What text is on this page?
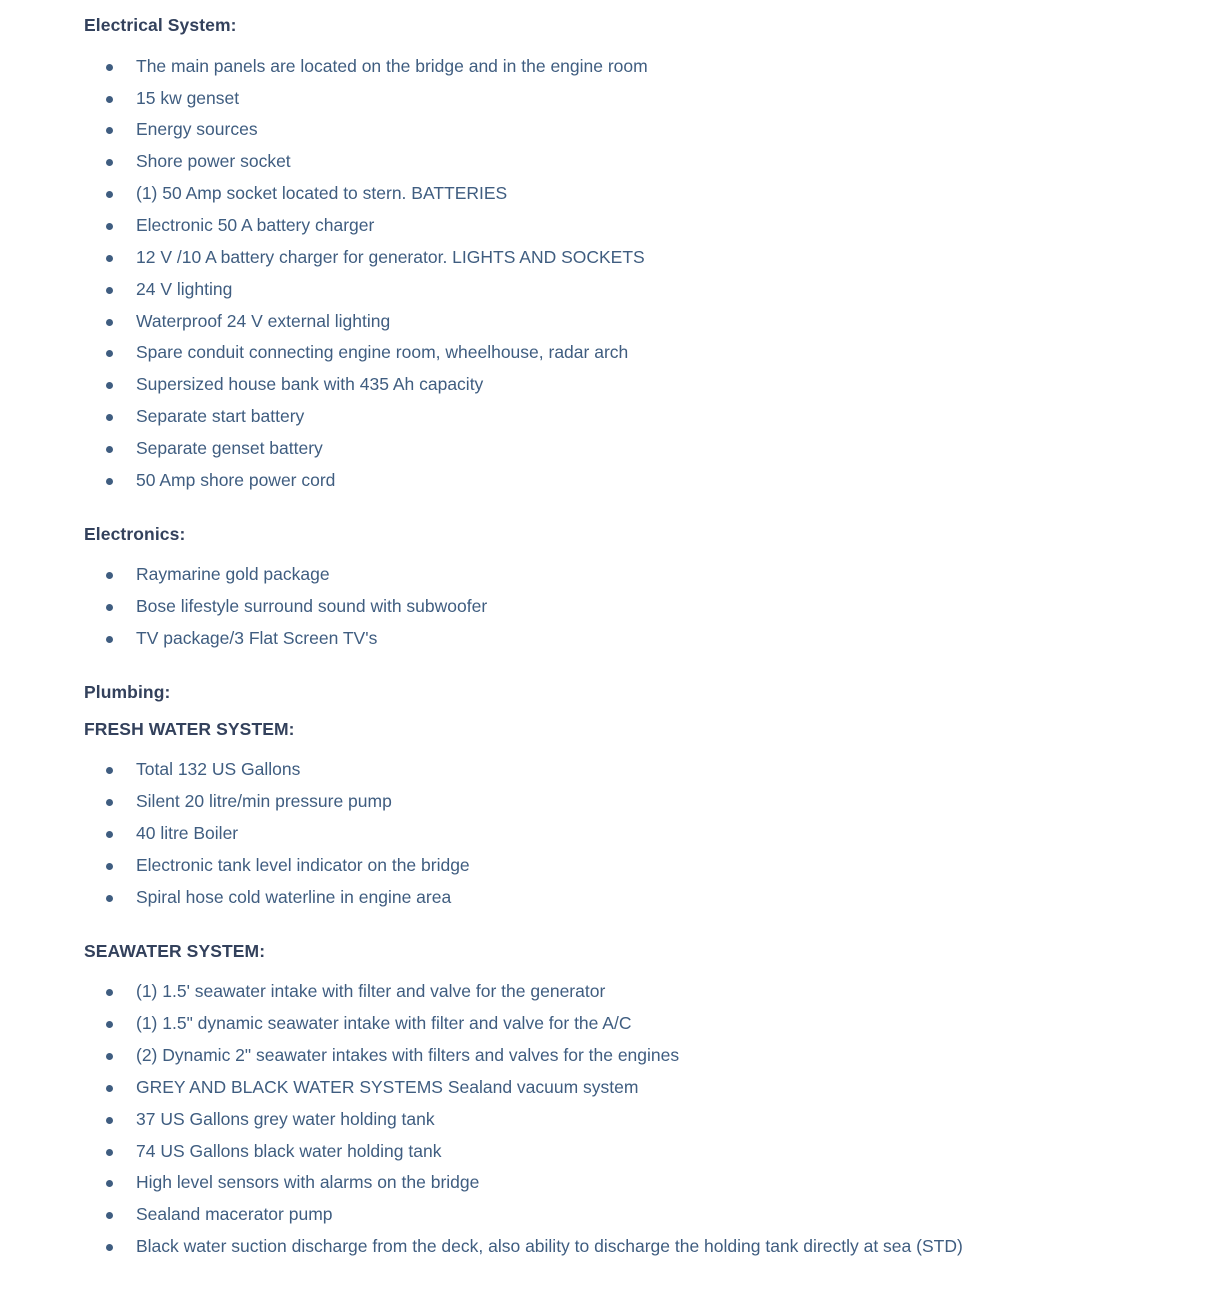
Electrical System:
The main panels are located on the bridge and in the engine room
15 kw genset
Energy sources
Shore power socket
(1) 50 Amp socket located to stern. BATTERIES
Electronic 50 A battery charger
12 V /10 A battery charger for generator. LIGHTS AND SOCKETS
24 V lighting
Waterproof 24 V external lighting
Spare conduit connecting engine room, wheelhouse, radar arch
Supersized house bank with 435 Ah capacity
Separate start battery
Separate genset battery
50 Amp shore power cord
Electronics:
Raymarine gold package
Bose lifestyle surround sound with subwoofer
TV package/3 Flat Screen TV's
Plumbing:
FRESH WATER SYSTEM:
Total 132 US Gallons
Silent 20 litre/min pressure pump
40 litre Boiler
Electronic tank level indicator on the bridge
Spiral hose cold waterline in engine area
SEAWATER SYSTEM:
(1) 1.5' seawater intake with filter and valve for the generator
(1) 1.5" dynamic seawater intake with filter and valve for the A/C
(2) Dynamic 2" seawater intakes with filters and valves for the engines
GREY AND BLACK WATER SYSTEMS Sealand vacuum system
37 US Gallons grey water holding tank
74 US Gallons black water holding tank
High level sensors with alarms on the bridge
Sealand macerator pump
Black water suction discharge from the deck, also ability to discharge the holding tank directly at sea (STD)
